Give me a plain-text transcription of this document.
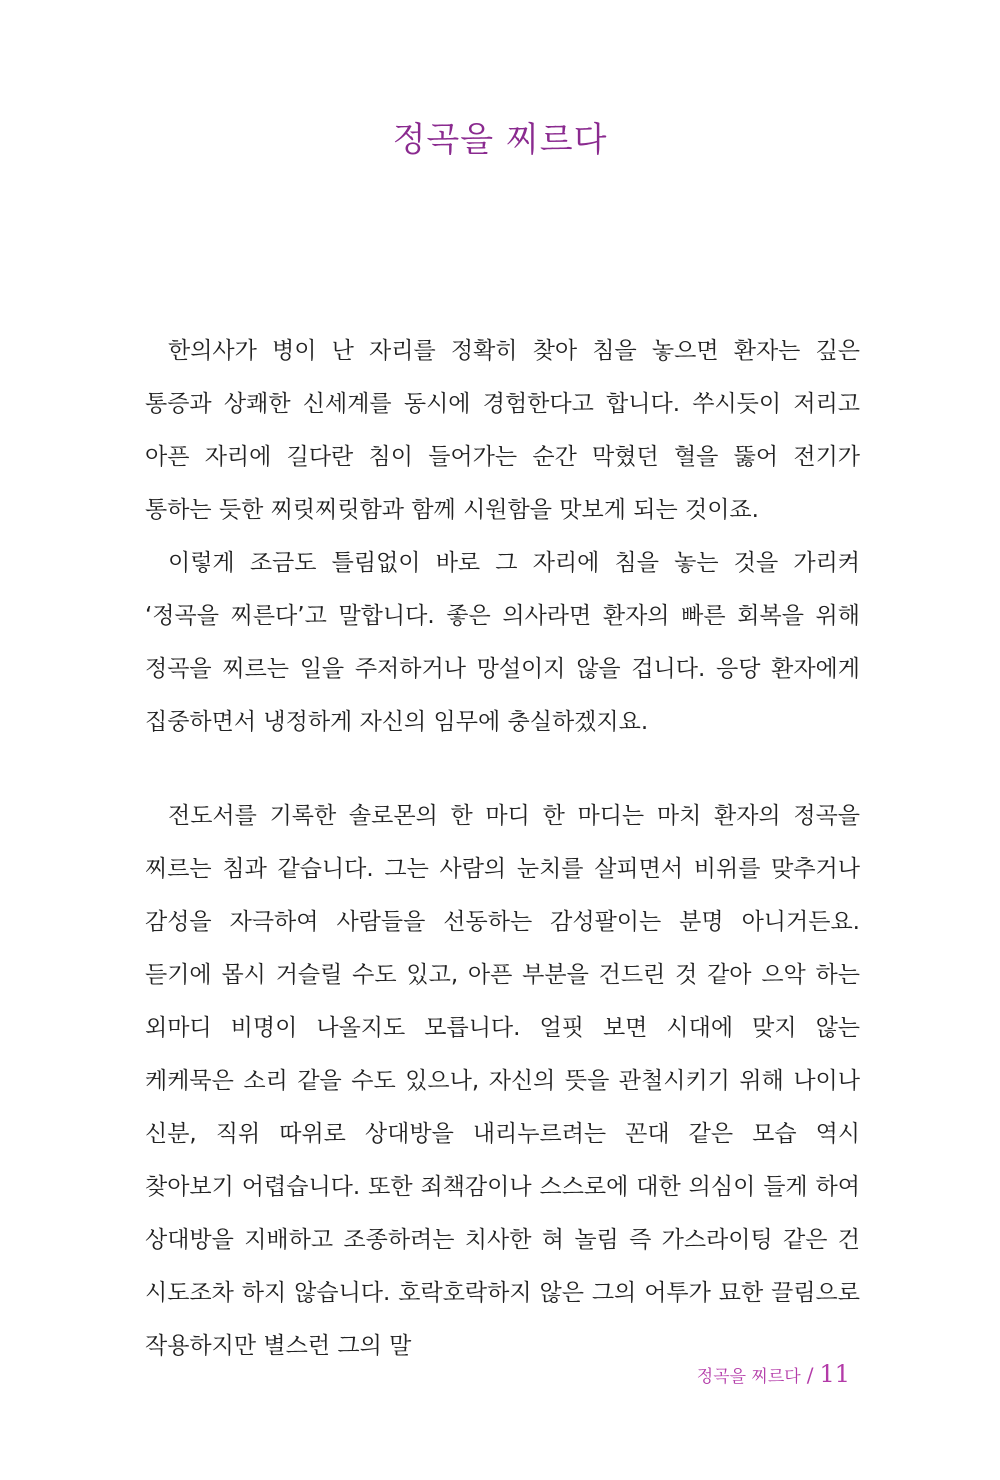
정곡을 찌르다

한의사가 병이 난 자리를 정확히 찾아 침을 놓으면 환자는 깊은 통증과 상쾌한 신세계를 동시에 경험한다고 합니다. 쑤시듯이 저리고 아픈 자리에 길다란 침이 들어가는 순간 막혔던 혈을 뚫어 전기가 통하는 듯한 찌릿찌릿함과 함께 시원함을 맛보게 되는 것이죠.

이렇게 조금도 틀림없이 바로 그 자리에 침을 놓는 것을 가리켜 ‘정곡을 찌른다’고 말합니다. 좋은 의사라면 환자의 빠른 회복을 위해 정곡을 찌르는 일을 주저하거나 망설이지 않을 겁니다. 응당 환자에게 집중하면서 냉정하게 자신의 임무에 충실하겠지요.

전도서를 기록한 솔로몬의 한 마디 한 마디는 마치 환자의 정곡을 찌르는 침과 같습니다. 그는 사람의 눈치를 살피면서 비위를 맞추거나 감성을 자극하여 사람들을 선동하는 감성팔이는 분명 아니거든요. 듣기에 몹시 거슬릴 수도 있고, 아픈 부분을 건드린 것 같아 으악 하는 외마디 비명이 나올지도 모릅니다. 얼핏 보면 시대에 맞지 않는 케케묵은 소리 같을 수도 있으나, 자신의 뜻을 관철시키기 위해 나이나 신분, 직위 따위로 상대방을 내리누르려는 꼰대 같은 모습 역시 찾아보기 어렵습니다. 또한 죄책감이나 스스로에 대한 의심이 들게 하여 상대방을 지배하고 조종하려는 치사한 혀 놀림 즉 가스라이팅 같은 건 시도조차 하지 않습니다. 호락호락하지 않은 그의 어투가 묘한 끌림으로 작용하지만 별스런 그의 말

정곡을 찌르다 / 11
